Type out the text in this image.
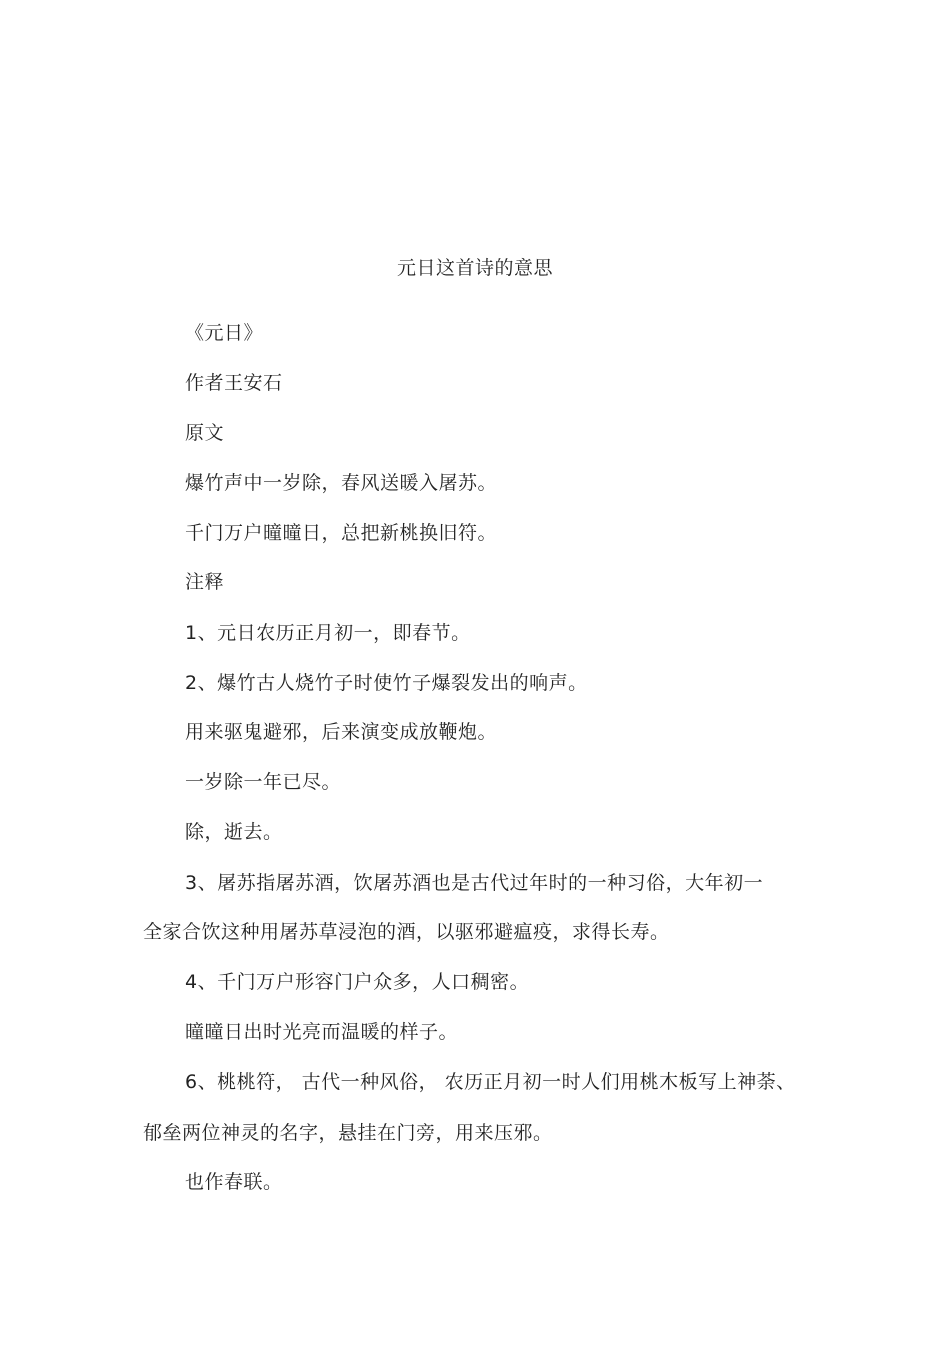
元日这首诗的意思
《元日》
作者王安石
原文
爆竹声中一岁除，春风送暖入屠苏。
千门万户曈曈日，总把新桃换旧符。
注释
1、元日农历正月初一，即春节。
2、爆竹古人烧竹子时使竹子爆裂发出的响声。
用来驱鬼避邪，后来演变成放鞭炮。
一岁除一年已尽。
除，逝去。
3、屠苏指屠苏酒，饮屠苏酒也是古代过年时的一种习俗，大年初一
全家合饮这种用屠苏草浸泡的酒，以驱邪避瘟疫，求得长寿。
4、千门万户形容门户众多，人口稠密。
曈曈日出时光亮而温暖的样子。
6、桃桃符， 古代一种风俗， 农历正月初一时人们用桃木板写上神荼、
郁垒两位神灵的名字，悬挂在门旁，用来压邪。
也作春联。
